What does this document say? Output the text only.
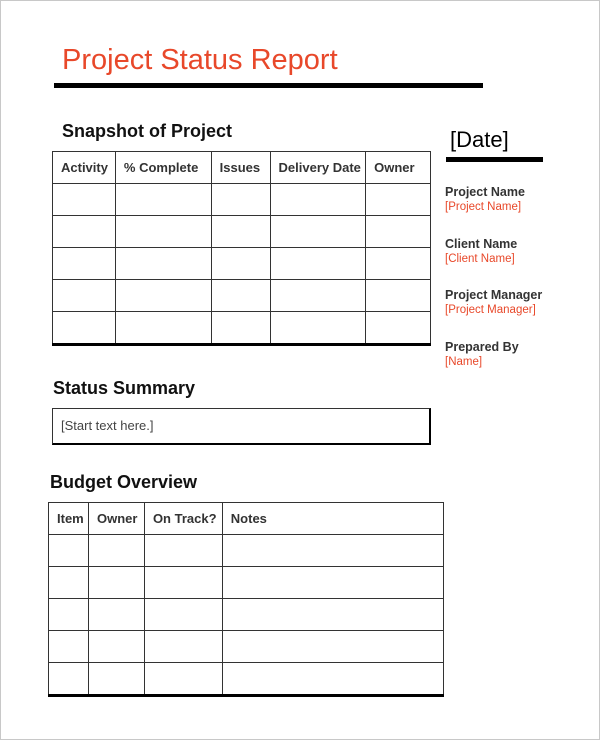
Project Status Report
Snapshot of Project
Activity	% Complete	Issues	Delivery Date	Owner

Status Summary
[Start text here.]
Budget Overview
Item	Owner	On Track?	Notes

[Date]
Project Name
[Project Name]
Client Name
[Client Name]
Project Manager
[Project Manager]
Prepared By
[Name]
